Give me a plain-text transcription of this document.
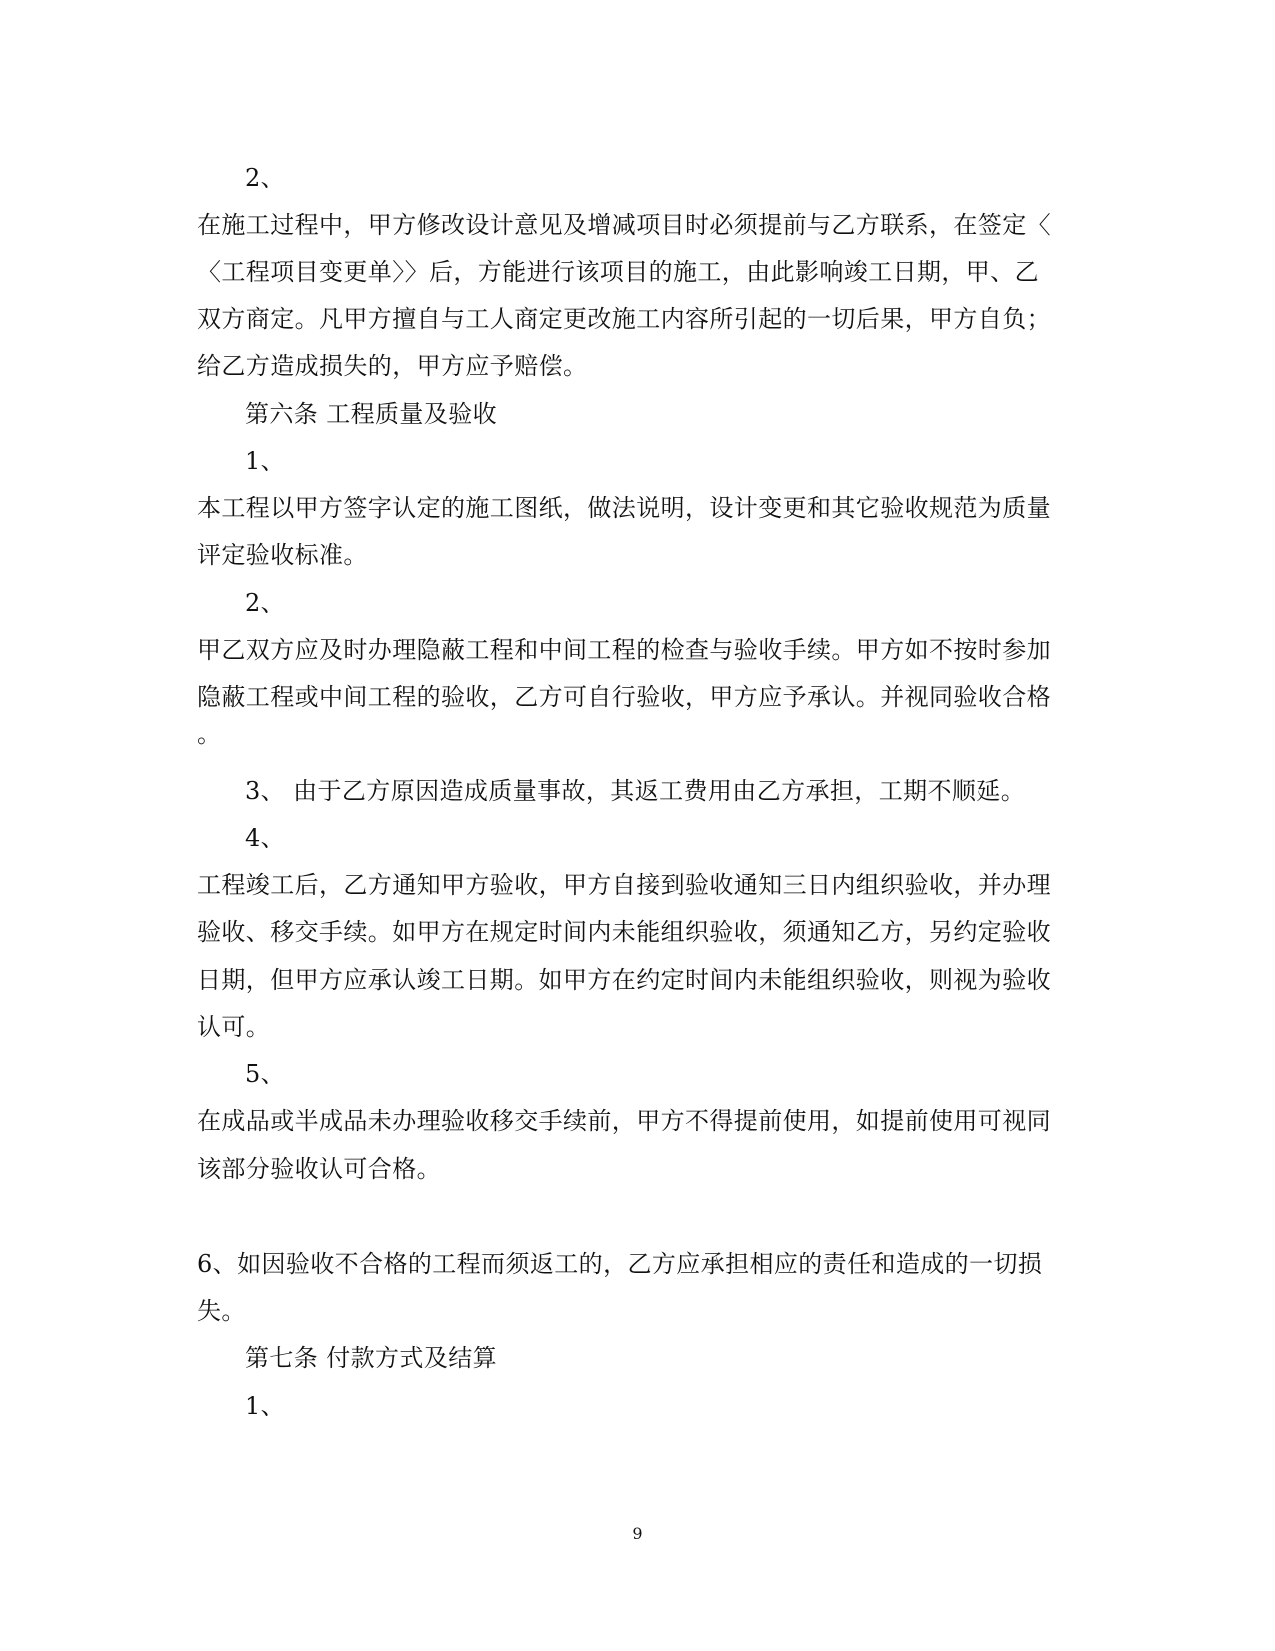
2、
在施工过程中，甲方修改设计意见及增减项目时必须提前与乙方联系，在签定〈
〈工程项目变更单〉〉后，方能进行该项目的施工，由此影响竣工日期，甲、乙
双方商定。凡甲方擅自与工人商定更改施工内容所引起的一切后果，甲方自负；
给乙方造成损失的，甲方应予赔偿。
第六条 工程质量及验收
1、
本工程以甲方签字认定的施工图纸，做法说明，设计变更和其它验收规范为质量
评定验收标准。
2、
甲乙双方应及时办理隐蔽工程和中间工程的检查与验收手续。甲方如不按时参加
隐蔽工程或中间工程的验收，乙方可自行验收，甲方应予承认。并视同验收合格
。
3、 由于乙方原因造成质量事故，其返工费用由乙方承担，工期不顺延。
4、
工程竣工后，乙方通知甲方验收，甲方自接到验收通知三日内组织验收，并办理
验收、移交手续。如甲方在规定时间内未能组织验收，须通知乙方，另约定验收
日期，但甲方应承认竣工日期。如甲方在约定时间内未能组织验收，则视为验收
认可。
5、
在成品或半成品未办理验收移交手续前，甲方不得提前使用，如提前使用可视同
该部分验收认可合格。
6、如因验收不合格的工程而须返工的，乙方应承担相应的责任和造成的一切损
失。
第七条 付款方式及结算
1、
9
